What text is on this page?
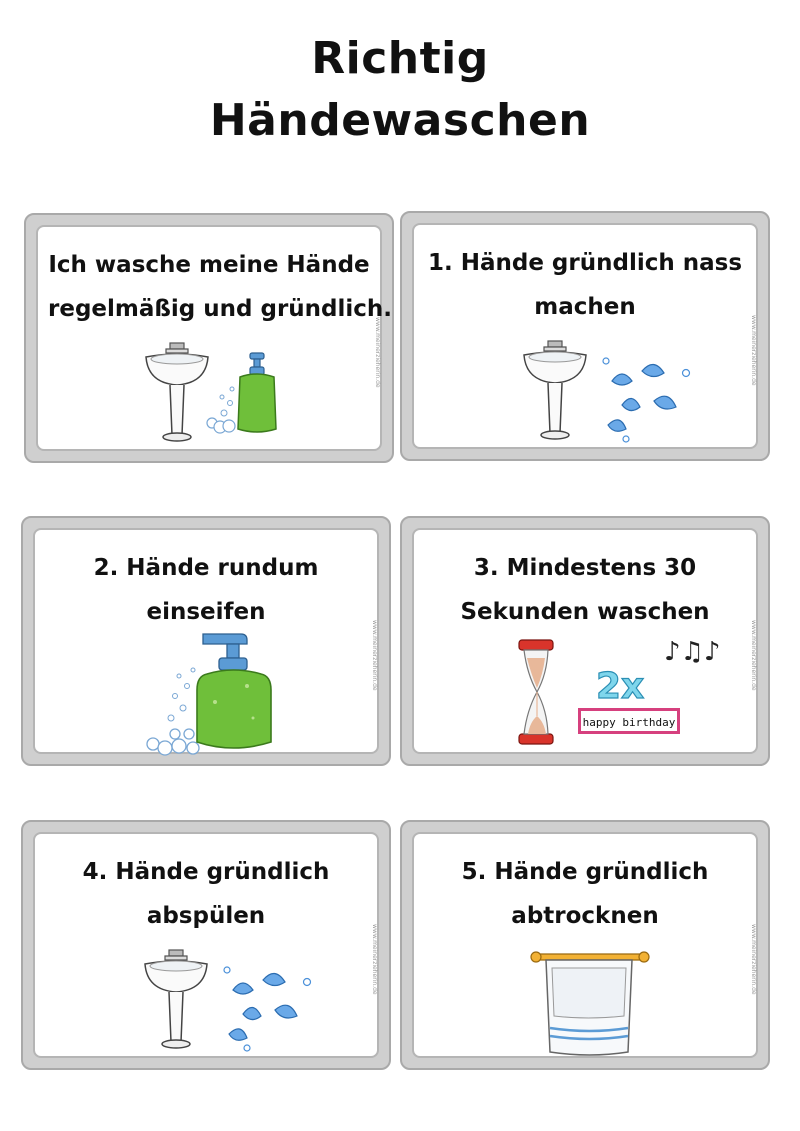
Richtig
Händewaschen
Ich wasche meine Hände
regelmäßig und gründlich.
www.meinerzieherin.de
1. Hände gründlich nass
machen
www.meinerzieherin.de
2. Hände rundum
einseifen
www.meinerzieherin.de
3. Mindestens 30
Sekunden waschen
www.meinerzieherin.de
2x
♪♫♪
happy birthday
4. Hände gründlich
abspülen
www.meinerzieherin.de
5. Hände gründlich
abtrocknen
www.meinerzieherin.de
